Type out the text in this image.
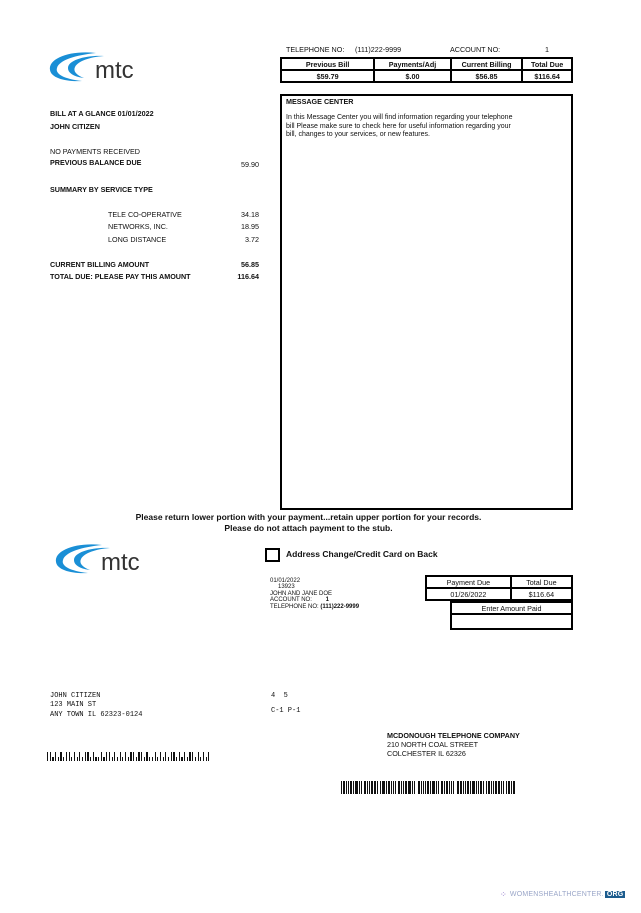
mtc
TELEPHONE NO: (111)222-9999	ACCOUNT NO:	1
Previous Bill	Payments/Adj	Current Billing	Total Due
$59.79	$.00	$56.85	$116.64
BILL AT A GLANCE 01/01/2022
JOHN CITIZEN
NO PAYMENTS RECEIVED
PREVIOUS BALANCE DUE	59.90
SUMMARY BY SERVICE TYPE
TELE CO-OPERATIVE	34.18
NETWORKS, INC.	18.95
LONG DISTANCE	3.72
CURRENT BILLING AMOUNT	56.85
TOTAL DUE: PLEASE PAY THIS AMOUNT	116.64
MESSAGE CENTER
In this Message Center you will find information regarding your telephone bill Please make sure to check here for useful information regarding your bill, changes to your services, or new features.
Please return lower portion with your payment...retain upper portion for your records.
Please do not attach payment to the stub.
mtc	Address Change/Credit Card on Back
01/01/2022
13923
JOHN AND JANE DOE
ACCOUNT NO: 1
TELEPHONE NO: (111)222-9999
Payment Due	Total Due
01/26/2022	$116.64
Enter Amount Paid

JOHN CITIZEN
123 MAIN ST
ANY TOWN IL 62323-0124
4  5
C-1 P-1
MCDONOUGH TELEPHONE COMPANY
210 NORTH COAL STREET
COLCHESTER IL 62326
⁘ WOMENSHEALTHCENTER. ORG
